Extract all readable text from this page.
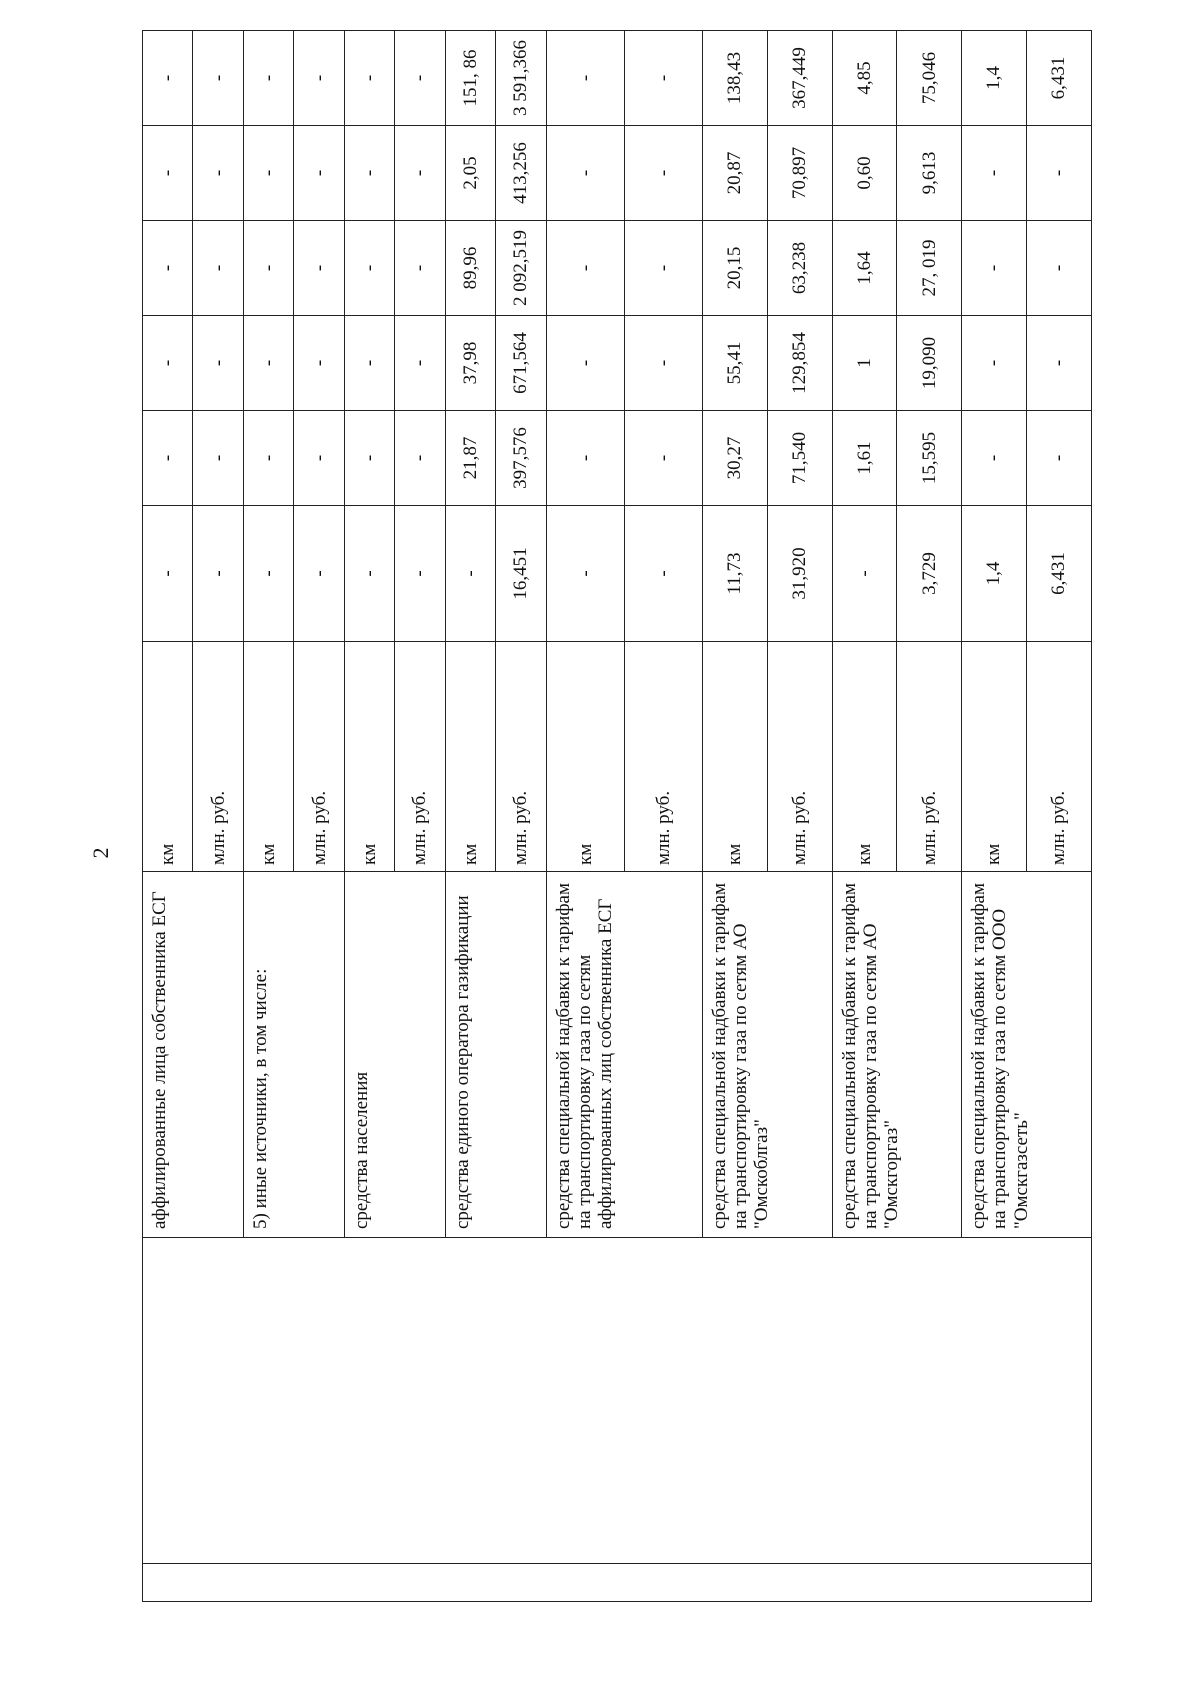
2
		аффилированные лица собственника ЕСГ	км	-	-	-	-	-	-
			млн. руб.	-	-	-	-	-	-
		5) иные источники, в том числе:	км	-	-	-	-	-	-
			млн. руб.	-	-	-	-	-	-
		средства населения	км	-	-	-	-	-	-
			млн. руб.	-	-	-	-	-	-
		средства единого оператора газификации	км	-	21,87	37,98	89,96	2,05	151, 86
			млн. руб.	16,451	397,576	671,564	2 092,519	413,256	3 591,366
		средства специальной надбавки к тарифам на транспортировку газа по сетям аффилированных лиц собственника ЕСГ	км	-	-	-	-	-	-
			млн. руб.	-	-	-	-	-	-
		средства специальной надбавки к тарифам на транспортировку газа по сетям АО "Омскоблгаз"	км	11,73	30,27	55,41	20,15	20,87	138,43
			млн. руб.	31,920	71,540	129,854	63,238	70,897	367,449
		средства специальной надбавки к тарифам на транспортировку газа по сетям АО "Омскгоргаз"	км	-	1,61	1	1,64	0,60	4,85
			млн. руб.	3,729	15,595	19,090	27, 019	9,613	75,046
		средства специальной надбавки к тарифам на транспортировку газа по сетям ООО "Омскгазсеть"	км	1,4	-	-	-	-	1,4
			млн. руб.	6,431	-	-	-	-	6,431
